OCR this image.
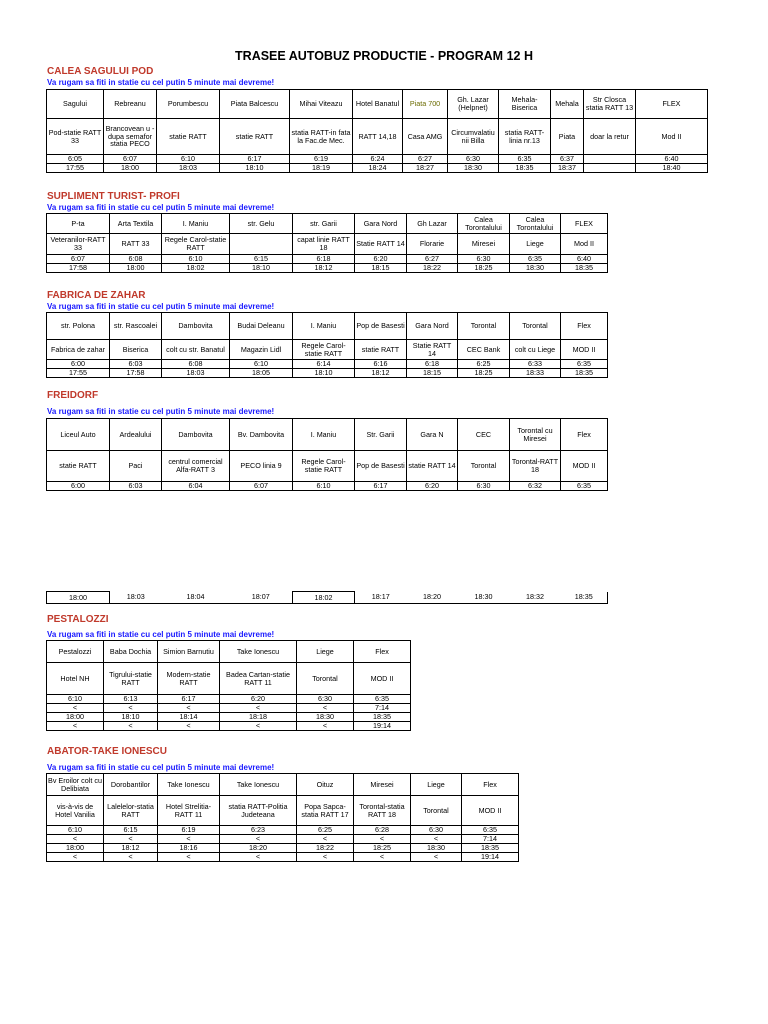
TRASEE AUTOBUZ PRODUCTIE - PROGRAM 12 H
CALEA SAGULUI POD
Va rugam sa fiti in statie cu cel putin 5 minute mai devreme!
Sagului	Rebreanu	Porumbescu	Piata Balcescu	Mihai Viteazu	Hotel Banatul	Piata 700	Gh. Lazar (Helpnet)	Mehala-Biserica	Mehala	Str Closca statia RATT 13	FLEX
Pod-statie RATT 33	Brancovean u - dupa semafor statia PECO	statie RATT	statie RATT	statia RATT-in fata la Fac.de Mec.	RATT 14,18	Casa AMG	Circumvalatiu nii Billa	statia RATT-linia nr.13	Piata	doar la retur	Mod II
6:05	6:07	6:10	6:17	6:19	6:24	6:27	6:30	6:35	6:37		6:40
17:55	18:00	18:03	18:10	18:19	18:24	18:27	18:30	18:35	18:37		18:40
SUPLIMENT TURIST- PROFI
Va rugam sa fiti in statie cu cel putin 5 minute mai devreme!
P-ta	Arta Textila	I. Maniu	str. Gelu	str. Garii	Gara Nord	Gh Lazar	Calea Torontalului	Calea Torontalului	FLEX
Veteranilor-RATT 33	RATT 33	Regele Carol-statie RATT		capat linie RATT 18	Statie RATT 14	Florarie	Miresei	Liege	Mod II
6:07	6:08	6:10	6:15	6:18	6:20	6:27	6:30	6:35	6:40
17:58	18:00	18:02	18:10	18:12	18:15	18:22	18:25	18:30	18:35
FABRICA DE ZAHAR
Va rugam sa fiti in statie cu cel putin 5 minute mai devreme!
str. Polona	str. Rascoalei	Dambovita	Budai Deleanu	I. Maniu	Pop de Basesti	Gara Nord	Torontal	Torontal	Flex
Fabrica de zahar	Biserica	colt cu str. Banatul	Magazin Lidl	Regele Carol-statie RATT	statie RATT	Statie RATT 14	CEC Bank	colt cu Liege	MOD II
6:00	6:03	6:08	6:10	6:14	6:16	6:18	6:25	6:33	6:35
17:55	17:58	18:03	18:05	18:10	18:12	18:15	18:25	18:33	18:35
FREIDORF
Va rugam sa fiti in statie cu cel putin 5 minute mai devreme!
Liceul Auto	Ardealului	Dambovita	Bv. Dambovita	I. Maniu	Str. Garii	Gara N	CEC	Torontal cu Miresei	Flex
statie RATT	Paci	centrul comercial Alfa-RATT 3	PECO linia 9	Regele Carol-statie RATT	Pop de Basesti	statie RATT 14	Torontal	Torontal-RATT 18	MOD II
6:00	6:03	6:04	6:07	6:10	6:17	6:20	6:30	6:32	6:35
18:00	18:03	18:04	18:07	18:02	18:17	18:20	18:30	18:32	18:35
PESTALOZZI
Va rugam sa fiti in statie cu cel putin 5 minute mai devreme!
Pestalozzi	Baba Dochia	Simion Barnutiu	Take Ionescu	Liege	Flex
Hotel NH	Tigrului-statie RATT	Modern-statie RATT	Badea Cartan-statie RATT 11	Torontal	MOD II
6:10	6:13	6:17	6:20	6:30	6:35
<	<	<	<	<	7:14
18:00	18:10	18:14	18:18	18:30	18:35
<	<	<	<	<	19:14
ABATOR-TAKE IONESCU
Va rugam sa fiti in statie cu cel putin 5 minute mai devreme!
Bv Eroilor colt cu Delibiata	Dorobantilor	Take Ionescu	Take Ionescu	Oituz	Miresei	Liege	Flex
vis-à-vis de Hotel Vanilia	Lalelelor-statia RATT	Hotel Strelitia-RATT 11	statia RATT-Politia Judeteana	Popa Sapca-statia RATT 17	Torontal-statia RATT 18	Torontal	MOD II
6:10	6:15	6:19	6:23	6:25	6:28	6:30	6:35
<	<	<	<	<	<	<	7:14
18:00	18:12	18:16	18:20	18:22	18:25	18:30	18:35
<	<	<	<	<	<	<	19:14
